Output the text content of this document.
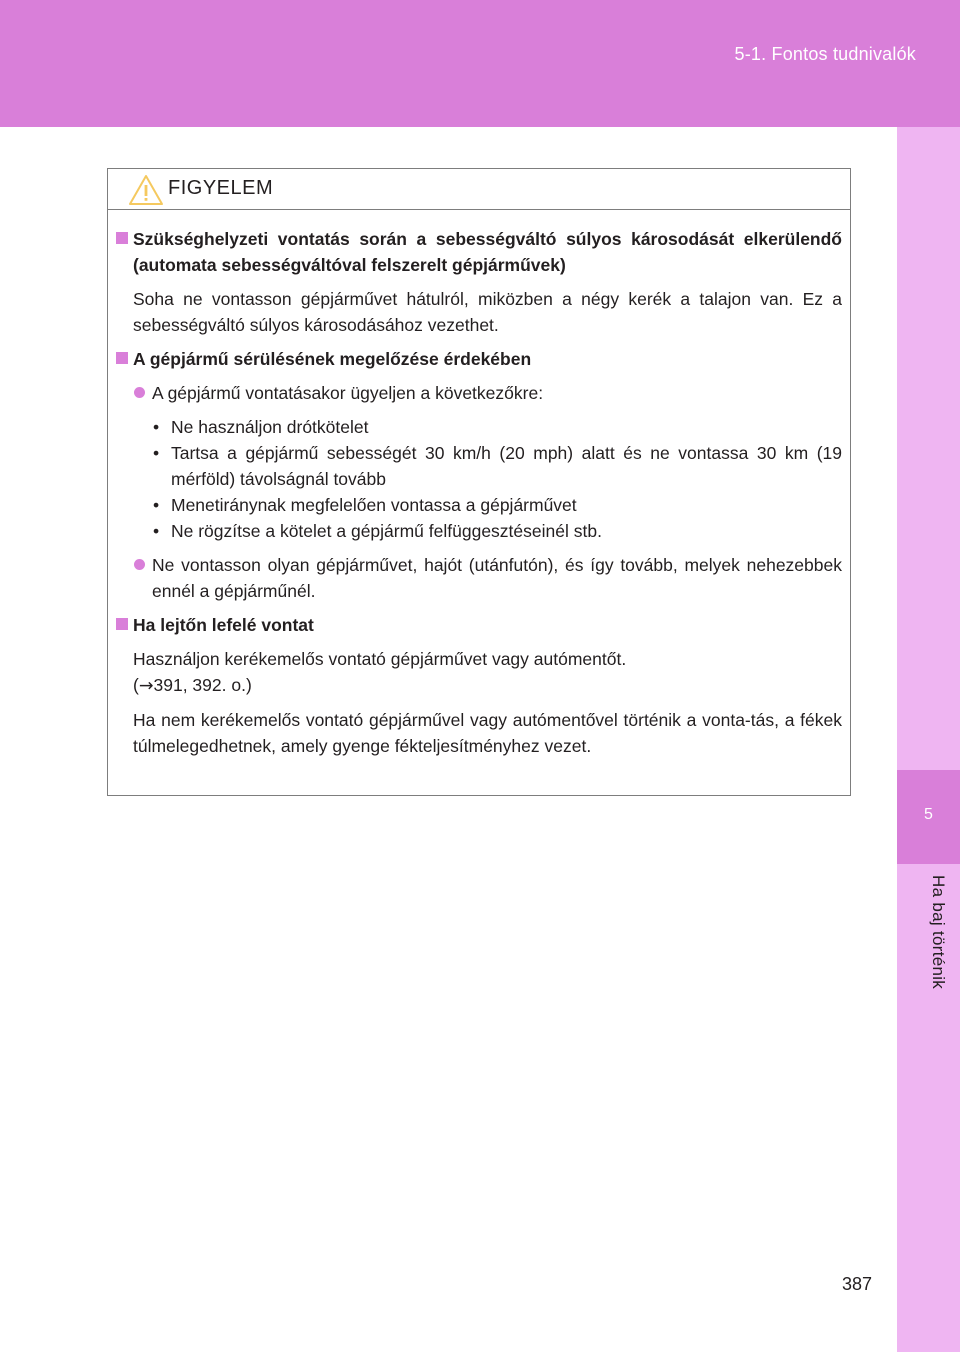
5-1. Fontos tudnivalók
5
Ha baj történik
FIGYELEM
Szükséghelyzeti vontatás során a sebességváltó súlyos károsodását elkerülendő (automata sebességváltóval felszerelt gépjárművek)
Soha ne vontasson gépjárművet hátulról, miközben a négy kerék a talajon van. Ez a sebességváltó súlyos károsodásához vezethet.
A gépjármű sérülésének megelőzése érdekében
A gépjármű vontatásakor ügyeljen a következőkre:
• Ne használjon drótkötelet
• Tartsa a gépjármű sebességét 30 km/h (20 mph) alatt és ne vontassa 30 km (19 mérföld) távolságnál tovább
• Menetiránynak megfelelően vontassa a gépjárművet
• Ne rögzítse a kötelet a gépjármű felfüggesztéseinél stb.
Ne vontasson olyan gépjárművet, hajót (utánfutón), és így tovább, melyek nehezebbek ennél a gépjárműnél.
Ha lejtőn lefelé vontat
Használjon kerékemelős vontató gépjárművet vagy autómentőt.
(→391, 392. o.)
Ha nem kerékemelős vontató gépjárművel vagy autómentővel történik a vonta-tás, a fékek túlmelegedhetnek, amely gyenge fékteljesítményhez vezet.
387
